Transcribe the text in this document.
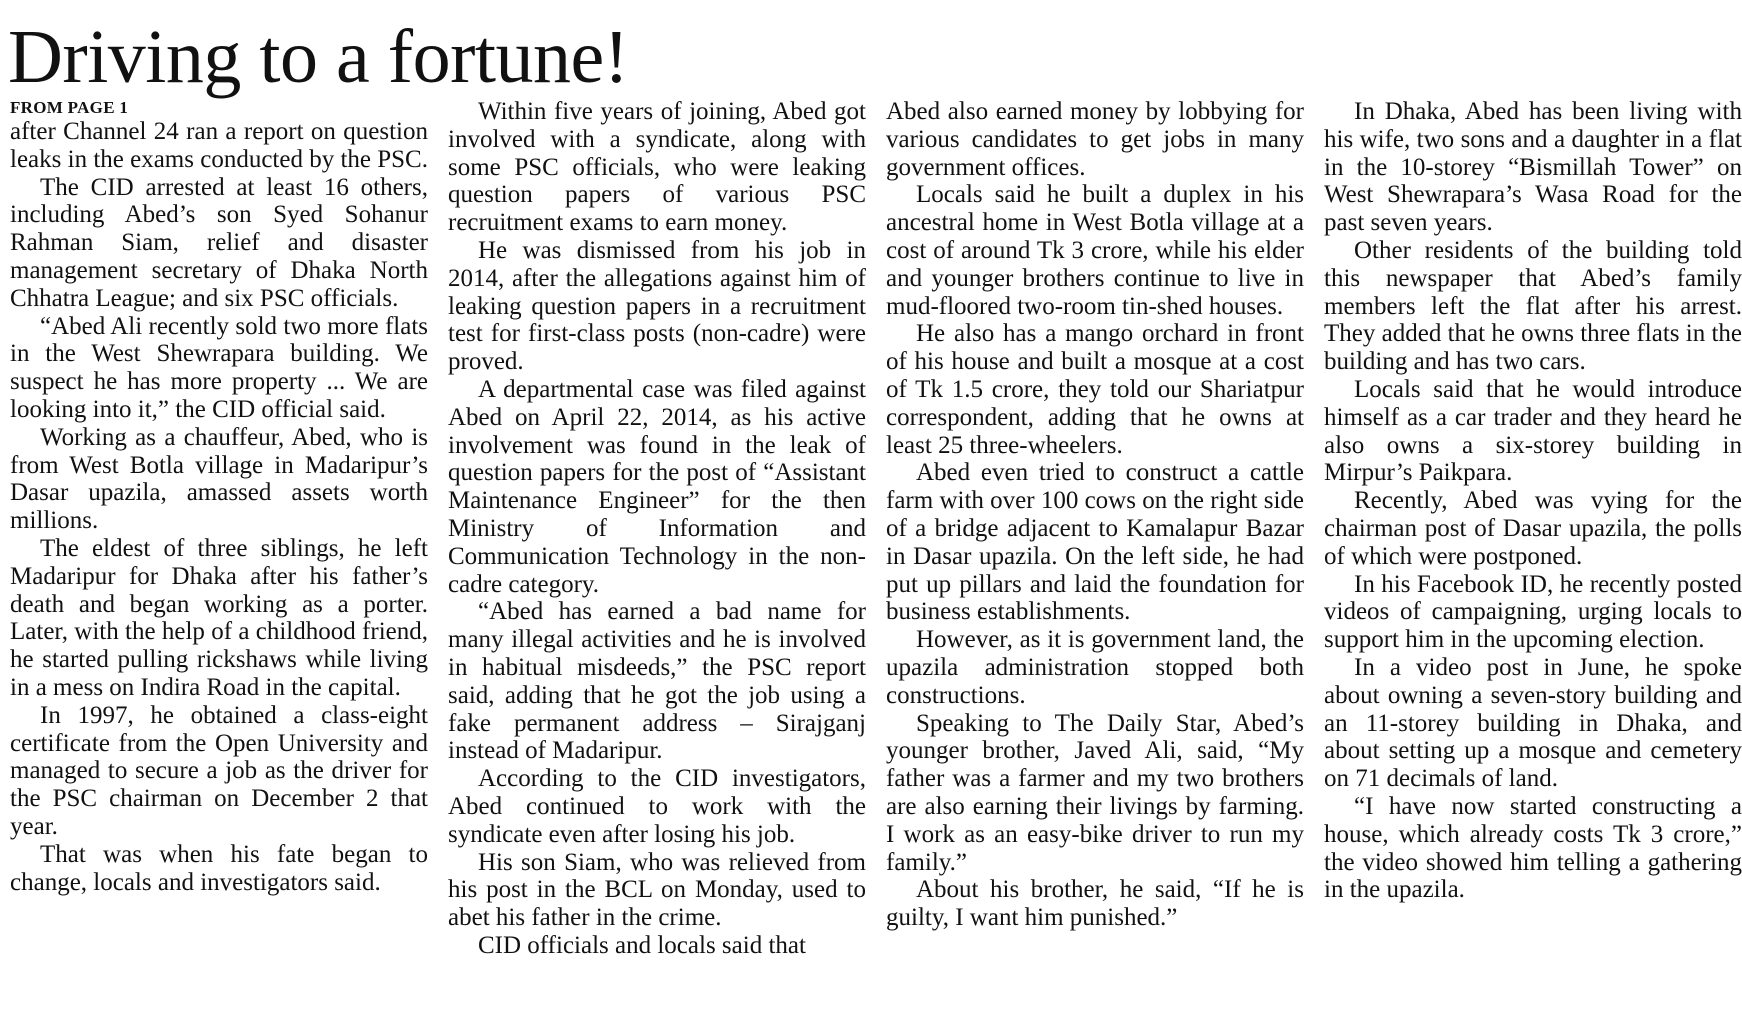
Driving to a fortune!
FROM PAGE 1

after Channel 24 ran a report on question leaks in the exams conducted by the PSC.

The CID arrested at least 16 others, including Abed’s son Syed Sohanur Rahman Siam, relief and disaster management secretary of Dhaka North Chhatra League; and six PSC officials.

“Abed Ali recently sold two more flats in the West Shewrapara building. We suspect he has more property ... We are looking into it,” the CID official said.

Working as a chauffeur, Abed, who is from West Botla village in Madaripur’s Dasar upazila, amassed assets worth millions.

The eldest of three siblings, he left Madaripur for Dhaka after his father’s death and began working as a porter. Later, with the help of a childhood friend, he started pulling rickshaws while living in a mess on Indira Road in the capital.

In 1997, he obtained a class-eight certificate from the Open University and managed to secure a job as the driver for the PSC chairman on December 2 that year.

That was when his fate began to change, locals and investigators said.

Within five years of joining, Abed got involved with a syndicate, along with some PSC officials, who were leaking question papers of various PSC recruitment exams to earn money.

He was dismissed from his job in 2014, after the allegations against him of leaking question papers in a recruitment test for first-class posts (non-cadre) were proved.

A departmental case was filed against Abed on April 22, 2014, as his active involvement was found in the leak of question papers for the post of “Assistant Maintenance Engineer” for the then Ministry of Information and Communication Technology in the non-cadre category.

“Abed has earned a bad name for many illegal activities and he is involved in habitual misdeeds,” the PSC report said, adding that he got the job using a fake permanent address – Sirajganj instead of Madaripur.

According to the CID investigators, Abed continued to work with the syndicate even after losing his job.

His son Siam, who was relieved from his post in the BCL on Monday, used to abet his father in the crime.

CID officials and locals said that

Abed also earned money by lobbying for various candidates to get jobs in many government offices.

Locals said he built a duplex in his ancestral home in West Botla village at a cost of around Tk 3 crore, while his elder and younger brothers continue to live in mud-floored two-room tin-shed houses.

He also has a mango orchard in front of his house and built a mosque at a cost of Tk 1.5 crore, they told our Shariatpur correspondent, adding that he owns at least 25 three-wheelers.

Abed even tried to construct a cattle farm with over 100 cows on the right side of a bridge adjacent to Kamalapur Bazar in Dasar upazila. On the left side, he had put up pillars and laid the foundation for business establishments.

However, as it is government land, the upazila administration stopped both constructions.

Speaking to The Daily Star, Abed’s younger brother, Javed Ali, said, “My father was a farmer and my two brothers are also earning their livings by farming. I work as an easy-bike driver to run my family.”

About his brother, he said, “If he is guilty, I want him punished.”

In Dhaka, Abed has been living with his wife, two sons and a daughter in a flat in the 10-storey “Bismillah Tower” on West Shewrapara’s Wasa Road for the past seven years.

Other residents of the building told this newspaper that Abed’s family members left the flat after his arrest. They added that he owns three flats in the building and has two cars.

Locals said that he would introduce himself as a car trader and they heard he also owns a six-storey building in Mirpur’s Paikpara.

Recently, Abed was vying for the chairman post of Dasar upazila, the polls of which were postponed.

In his Facebook ID, he recently posted videos of campaigning, urging locals to support him in the upcoming election.

In a video post in June, he spoke about owning a seven-story building and an 11-storey building in Dhaka, and about setting up a mosque and cemetery on 71 decimals of land.

“I have now started constructing a house, which already costs Tk 3 crore,” the video showed him telling a gathering in the upazila.
